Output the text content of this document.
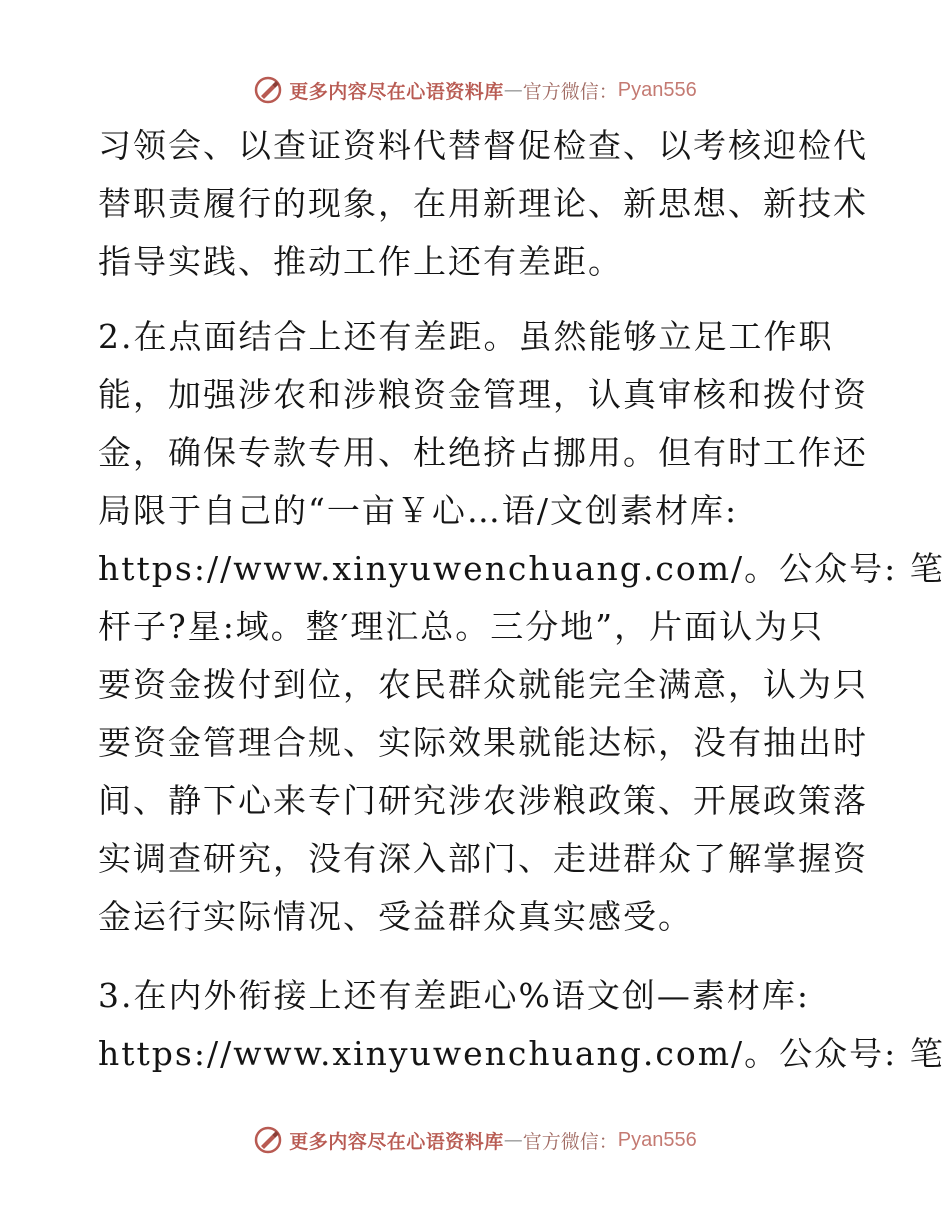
更多内容尽在心语资料库 — 官方微信： Pyan556
习领会、以查证资料代替督促检查、以考核迎检代
替职责履行的现象，在用新理论、新思想、新技术
指导实践、推动工作上还有差距。
2.在点面结合上还有差距。虽然能够立足工作职
能，加强涉农和涉粮资金管理，认真审核和拨付资
金，确保专款专用、杜绝挤占挪用。但有时工作还
局限于自己的“一亩￥心…语/文创素材库:
https://www.xinyuwenchuang.com/。公众号: 笔
杆子?星:域。整′理汇总。三分地”，片面认为只
要资金拨付到位，农民群众就能完全满意，认为只
要资金管理合规、实际效果就能达标，没有抽出时
间、静下心来专门研究涉农涉粮政策、开展政策落
实调查研究，没有深入部门、走进群众了解掌握资
金运行实际情况、受益群众真实感受。
3.在内外衔接上还有差距心%语文创—素材库:
https://www.xinyuwenchuang.com/。公众号: 笔
更多内容尽在心语资料库 — 官方微信： Pyan556
